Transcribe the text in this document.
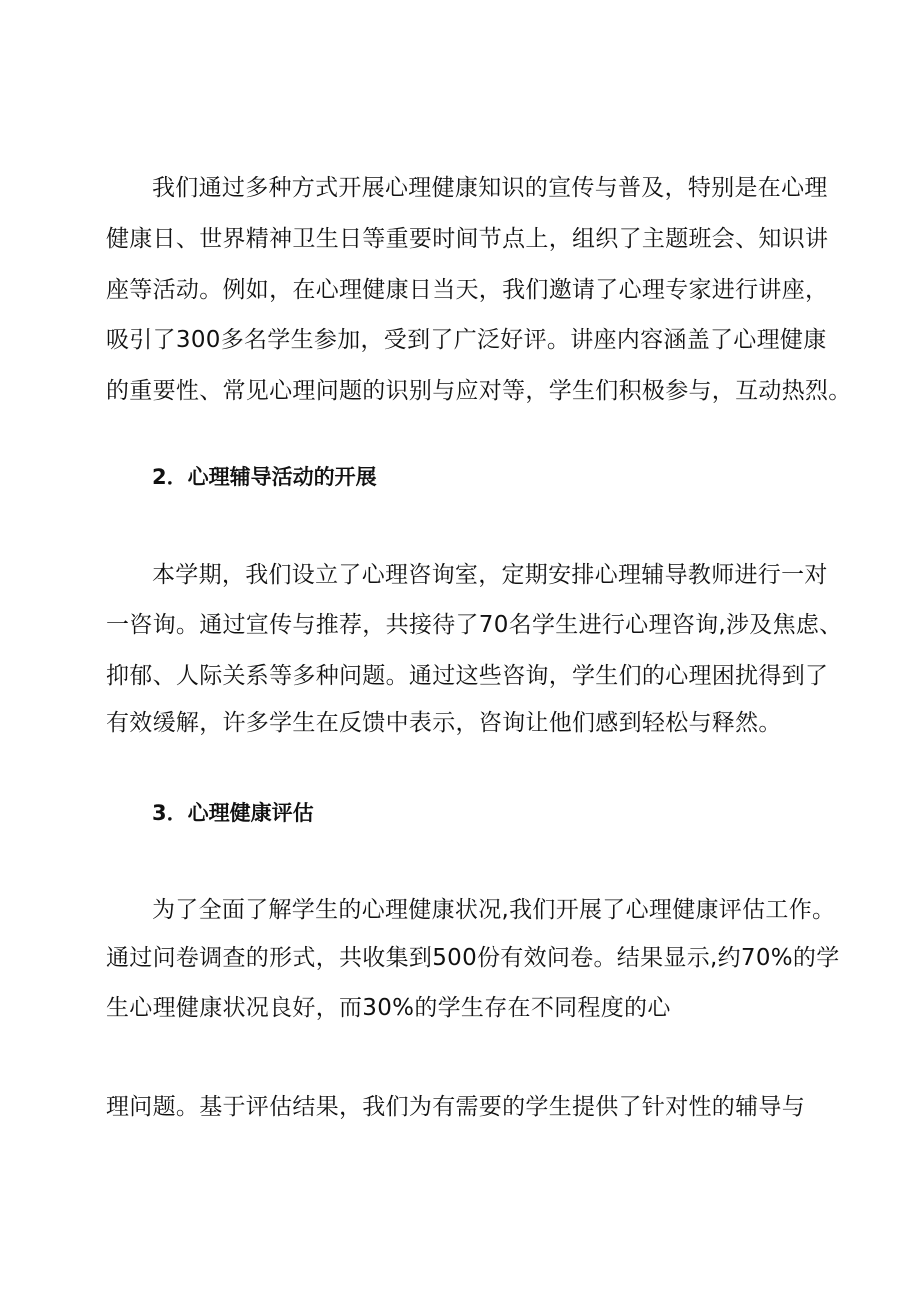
我们通过多种方式开展心理健康知识的宣传与普及，特别是在心理
健康日、世界精神卫生日等重要时间节点上，组织了主题班会、知识讲
座等活动。例如，在心理健康日当天，我们邀请了心理专家进行讲座，
吸引了300多名学生参加，受到了广泛好评。讲座内容涵盖了心理健康
的重要性、常见心理问题的识别与应对等，学生们积极参与，互动热烈。
2．心理辅导活动的开展
本学期，我们设立了心理咨询室，定期安排心理辅导教师进行一对
一咨询。通过宣传与推荐，共接待了70名学生进行心理咨询,涉及焦虑、
抑郁、人际关系等多种问题。通过这些咨询，学生们的心理困扰得到了
有效缓解，许多学生在反馈中表示，咨询让他们感到轻松与释然。
3．心理健康评估
为了全面了解学生的心理健康状况,我们开展了心理健康评估工作。
通过问卷调查的形式，共收集到500份有效问卷。结果显示,约70%的学
生心理健康状况良好，而30%的学生存在不同程度的心
理问题。基于评估结果，我们为有需要的学生提供了针对性的辅导与
